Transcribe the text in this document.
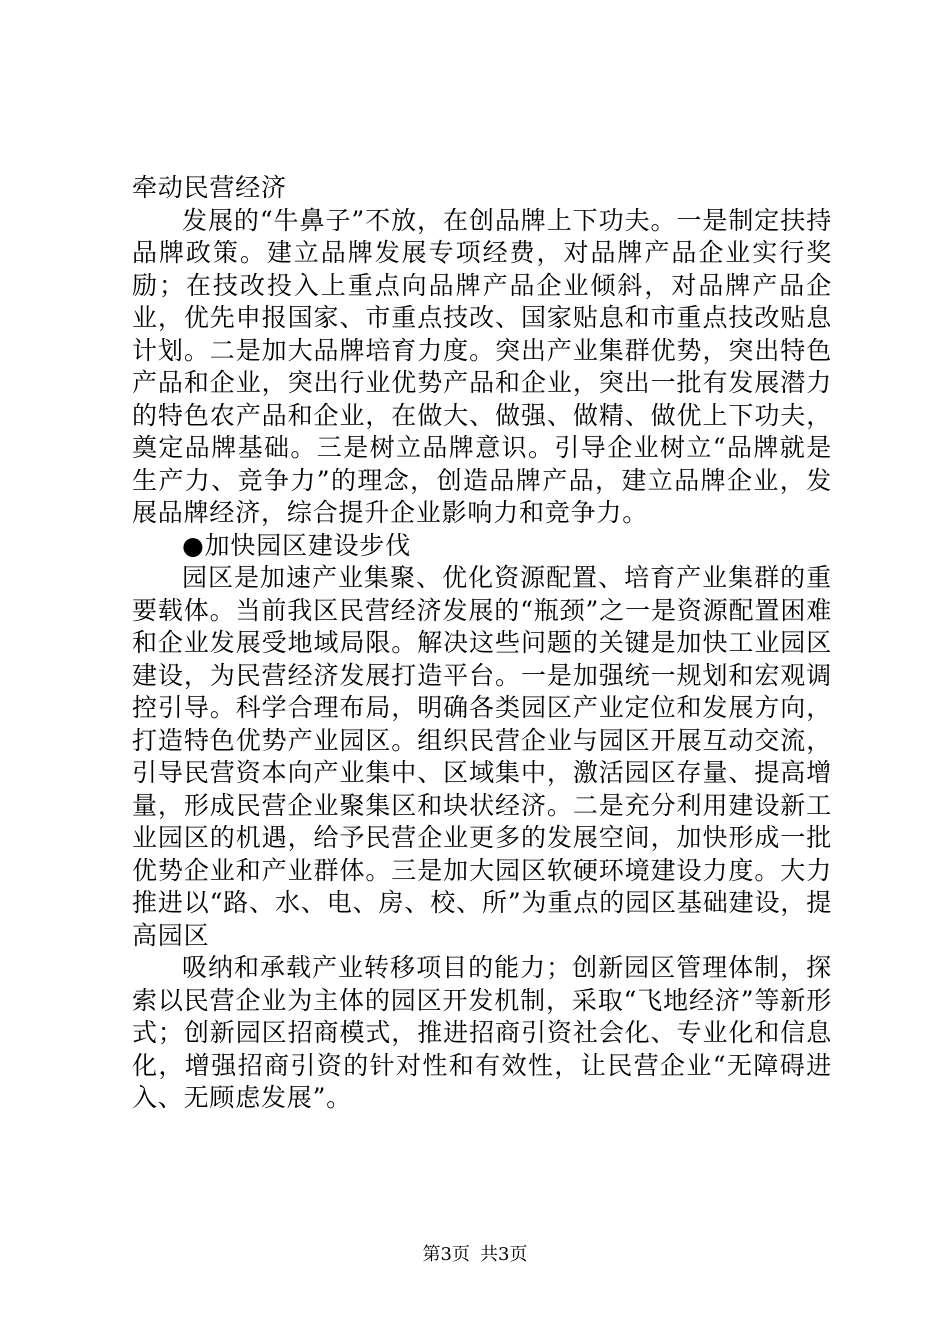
牵动民营经济

发展的“牛鼻子”不放，在创品牌上下功夫。一是制定扶持品牌政策。建立品牌发展专项经费，对品牌产品企业实行奖励；在技改投入上重点向品牌产品企业倾斜，对品牌产品企业，优先申报国家、市重点技改、国家贴息和市重点技改贴息计划。二是加大品牌培育力度。突出产业集群优势，突出特色产品和企业，突出行业优势产品和企业，突出一批有发展潜力的特色农产品和企业，在做大、做强、做精、做优上下功夫，奠定品牌基础。三是树立品牌意识。引导企业树立“品牌就是生产力、竞争力”的理念，创造品牌产品，建立品牌企业，发展品牌经济，综合提升企业影响力和竞争力。

●加快园区建设步伐

园区是加速产业集聚、优化资源配置、培育产业集群的重要载体。当前我区民营经济发展的“瓶颈”之一是资源配置困难和企业发展受地域局限。解决这些问题的关键是加快工业园区建设，为民营经济发展打造平台。一是加强统一规划和宏观调控引导。科学合理布局，明确各类园区产业定位和发展方向，打造特色优势产业园区。组织民营企业与园区开展互动交流，引导民营资本向产业集中、区域集中，激活园区存量、提高增量，形成民营企业聚集区和块状经济。二是充分利用建设新工业园区的机遇，给予民营企业更多的发展空间，加快形成一批优势企业和产业群体。三是加大园区软硬环境建设力度。大力推进以“路、水、电、房、校、所”为重点的园区基础建设，提高园区

吸纳和承载产业转移项目的能力；创新园区管理体制，探索以民营企业为主体的园区开发机制，采取“飞地经济”等新形式；创新园区招商模式，推进招商引资社会化、专业化和信息化，增强招商引资的针对性和有效性，让民营企业“无障碍进入、无顾虑发展”。

第3页 共3页
